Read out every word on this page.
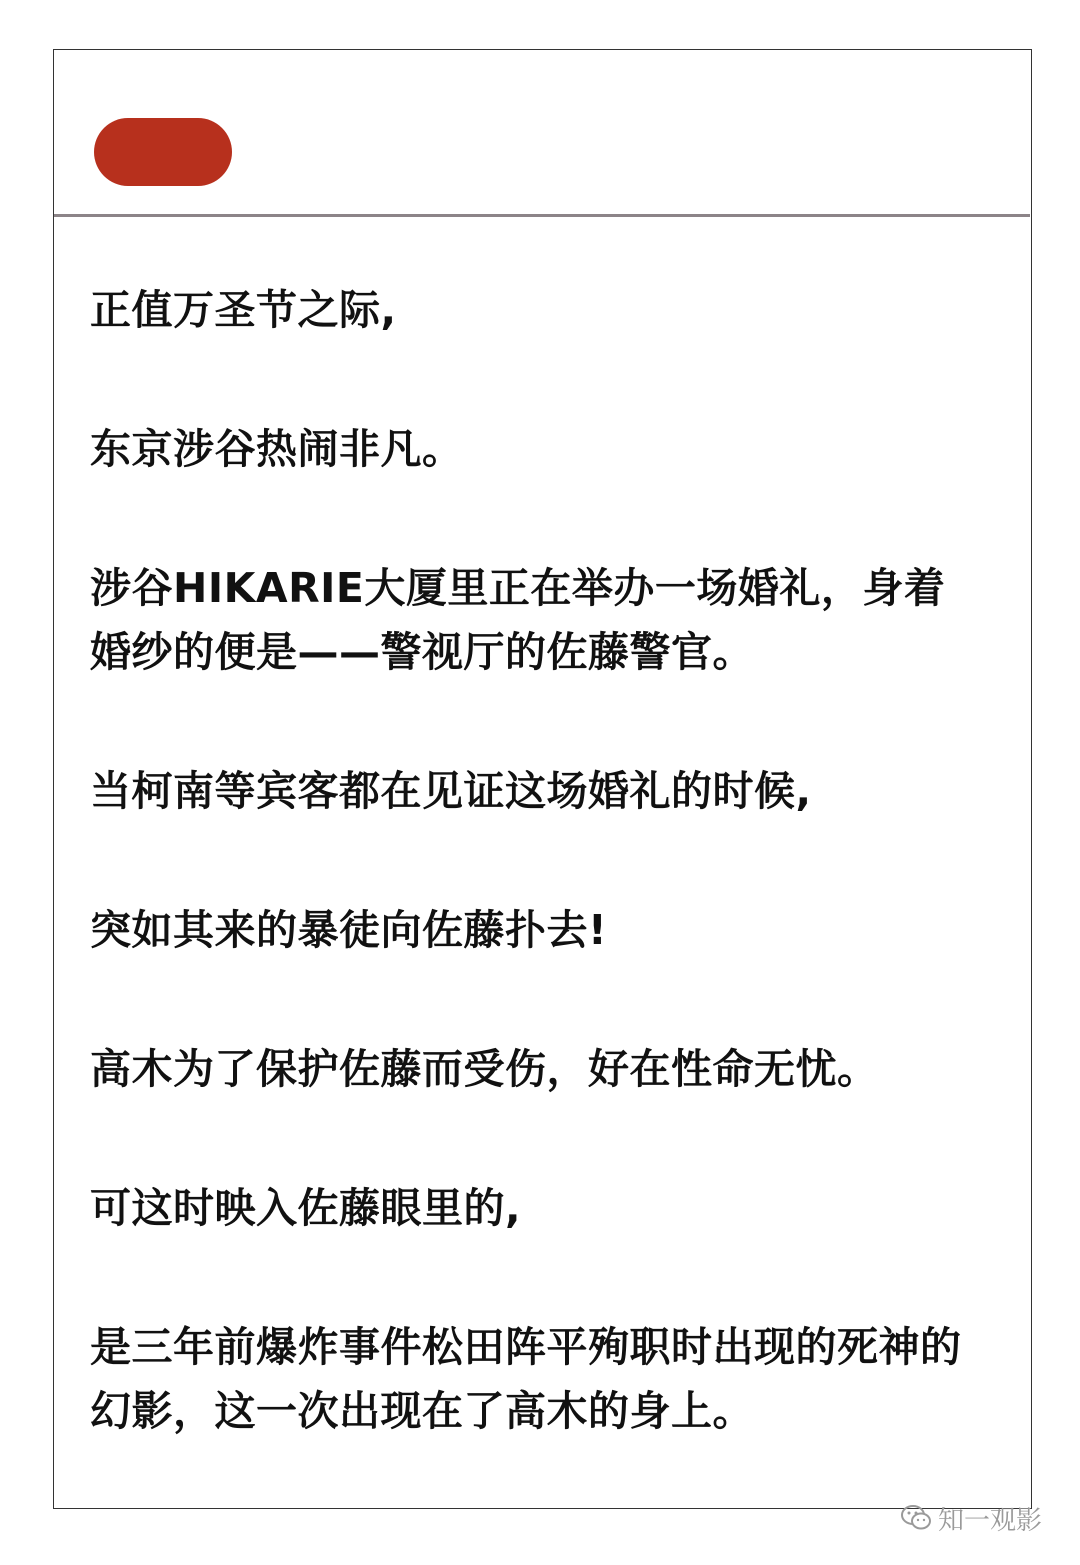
正值万圣节之际,

东京涉谷热闹非凡。

涉谷HIKARIE大厦里正在举办一场婚礼，身着婚纱的便是——警视厅的佐藤警官。

当柯南等宾客都在见证这场婚礼的时候,

突如其来的暴徒向佐藤扑去!

高木为了保护佐藤而受伤，好在性命无忧。

可这时映入佐藤眼里的,

是三年前爆炸事件松田阵平殉职时出现的死神的幻影，这一次出现在了高木的身上。

知一观影
